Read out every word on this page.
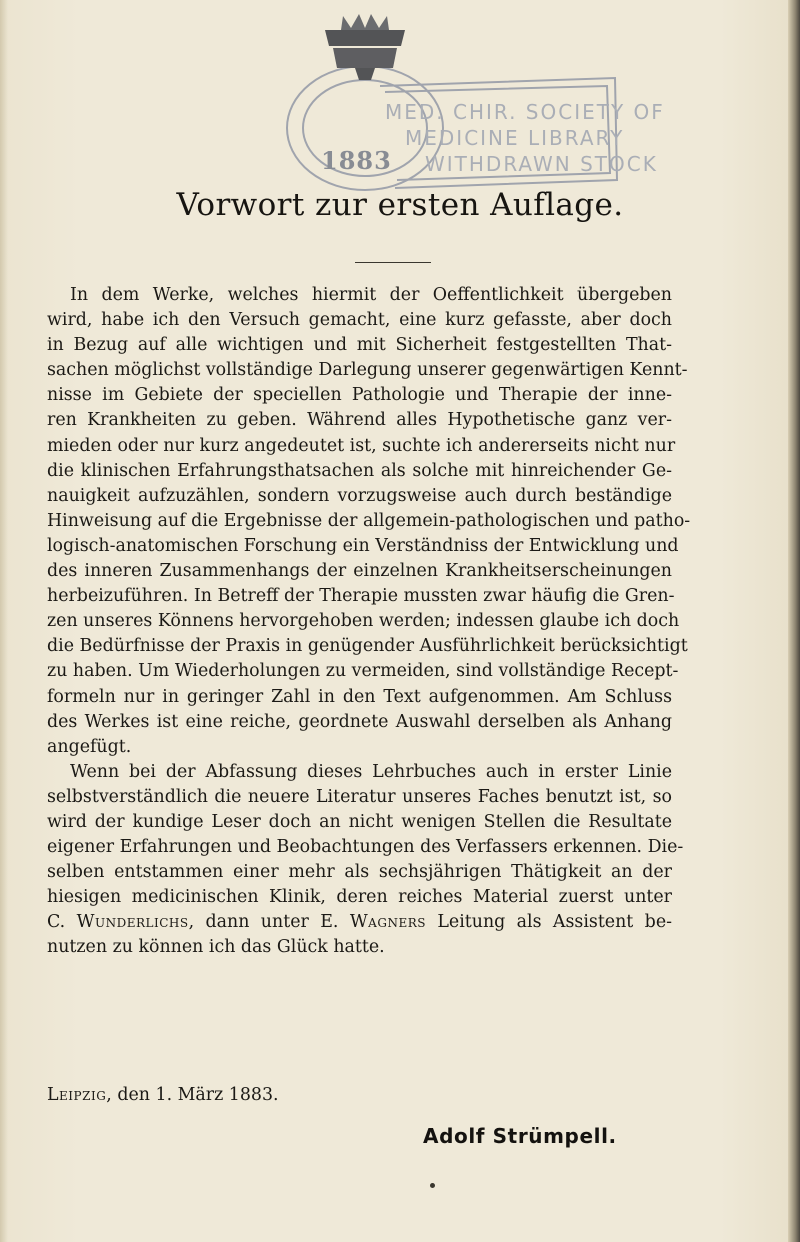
MED. CHIR. SOCIETY OF
MEDICINE LIBRARY
WITHDRAWN STOCK
1883
Vorwort zur ersten Auflage.
In dem Werke, welches hiermit der Oeffentlichkeit übergeben
wird, habe ich den Versuch gemacht, eine kurz gefasste, aber doch
in Bezug auf alle wichtigen und mit Sicherheit festgestellten That-
sachen möglichst vollständige Darlegung unserer gegenwärtigen Kennt-
nisse im Gebiete der speciellen Pathologie und Therapie der inne-
ren Krankheiten zu geben. Während alles Hypothetische ganz ver-
mieden oder nur kurz angedeutet ist, suchte ich andererseits nicht nur
die klinischen Erfahrungsthatsachen als solche mit hinreichender Ge-
nauigkeit aufzuzählen, sondern vorzugsweise auch durch beständige
Hinweisung auf die Ergebnisse der allgemein-pathologischen und patho-
logisch-anatomischen Forschung ein Verständniss der Entwicklung und
des inneren Zusammenhangs der einzelnen Krankheitserscheinungen
herbeizuführen. In Betreff der Therapie mussten zwar häufig die Gren-
zen unseres Könnens hervorgehoben werden; indessen glaube ich doch
die Bedürfnisse der Praxis in genügender Ausführlichkeit berücksichtigt
zu haben. Um Wiederholungen zu vermeiden, sind vollständige Recept-
formeln nur in geringer Zahl in den Text aufgenommen. Am Schluss
des Werkes ist eine reiche, geordnete Auswahl derselben als Anhang
angefügt.
Wenn bei der Abfassung dieses Lehrbuches auch in erster Linie
selbstverständlich die neuere Literatur unseres Faches benutzt ist, so
wird der kundige Leser doch an nicht wenigen Stellen die Resultate
eigener Erfahrungen und Beobachtungen des Verfassers erkennen. Die-
selben entstammen einer mehr als sechsjährigen Thätigkeit an der
hiesigen medicinischen Klinik, deren reiches Material zuerst unter
C. Wunderlichs, dann unter E. Wagners Leitung als Assistent be-
nutzen zu können ich das Glück hatte.
Leipzig, den 1. März 1883.
Adolf Strümpell.
